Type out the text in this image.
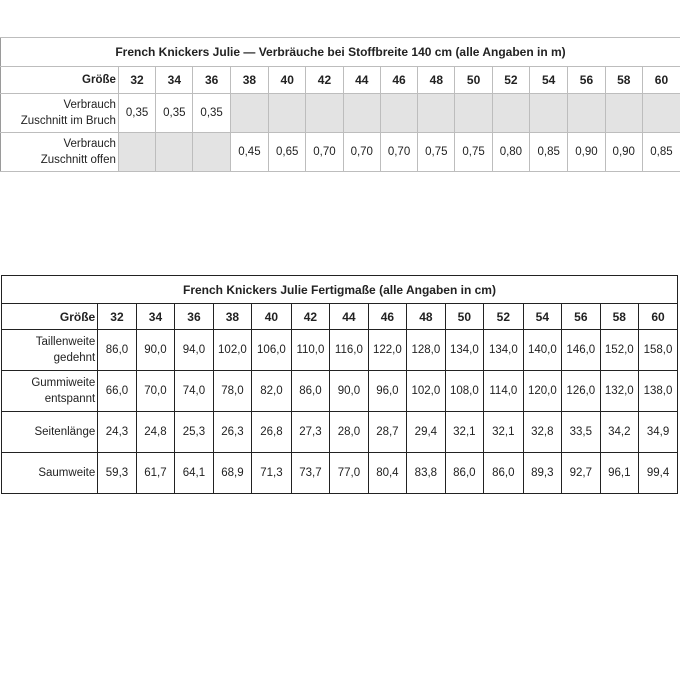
French Knickers Julie — Verbräuche bei Stoffbreite 140 cm (alle Angaben in m)															
Größe	32	34	36	38	40	42	44	46	48	50	52	54	56	58	60
Verbrauch
Zuschnitt im Bruch	0,35	0,35	0,35												
Verbrauch
Zuschnitt offen				0,45	0,65	0,70	0,70	0,70	0,75	0,75	0,80	0,85	0,90	0,90	0,85
French Knickers Julie Fertigmaße (alle Angaben in cm)															
Größe	32	34	36	38	40	42	44	46	48	50	52	54	56	58	60
Taillenweite
gedehnt	86,0	90,0	94,0	102,0	106,0	110,0	116,0	122,0	128,0	134,0	134,0	140,0	146,0	152,0	158,0
Gummiweite
entspannt	66,0	70,0	74,0	78,0	82,0	86,0	90,0	96,0	102,0	108,0	114,0	120,0	126,0	132,0	138,0
Seitenlänge	24,3	24,8	25,3	26,3	26,8	27,3	28,0	28,7	29,4	32,1	32,1	32,8	33,5	34,2	34,9
Saumweite	59,3	61,7	64,1	68,9	71,3	73,7	77,0	80,4	83,8	86,0	86,0	89,3	92,7	96,1	99,4
